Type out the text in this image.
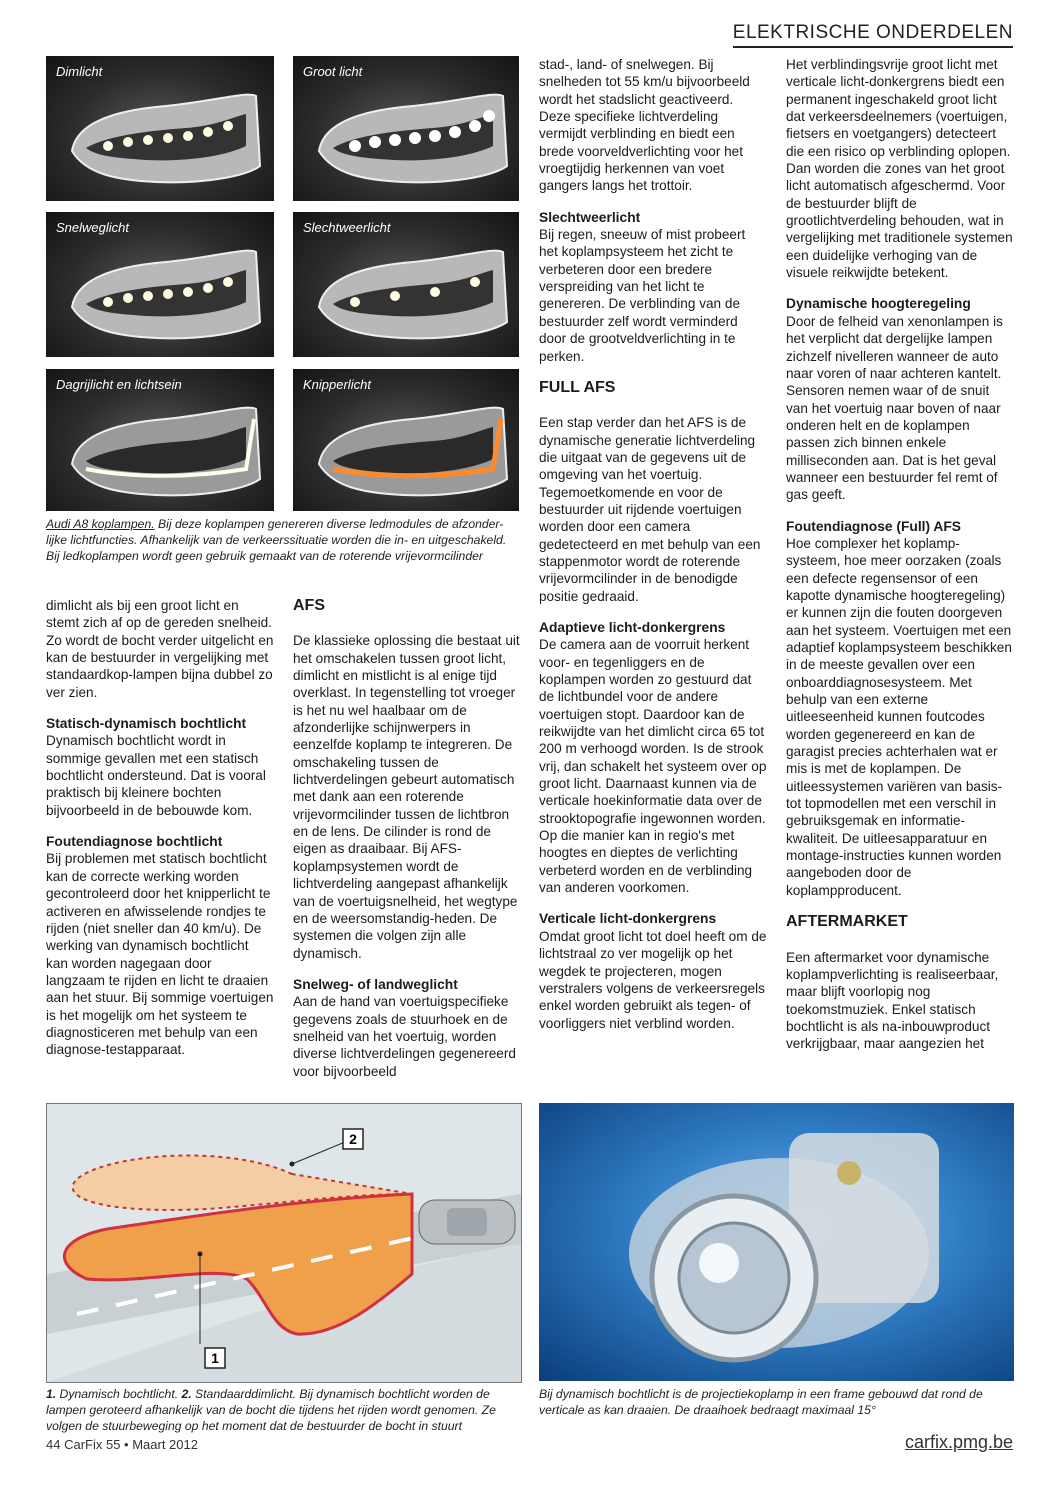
ELEKTRISCHE ONDERDELEN
Dimlicht	Groot licht
Snelweglicht	Slechtweerlicht
Dagrijlicht en lichtsein	Knipperlicht
Audi A8 koplampen. Bij deze koplampen genereren diverse ledmodules de afzonder-lijke lichtfuncties. Afhankelijk van de verkeerssituatie worden die in- en uitgeschakeld. Bij ledkoplampen wordt geen gebruik gemaakt van de roterende vrijevormcilinder

dimlicht als bij een groot licht en stemt zich af op de gereden snelheid. Zo wordt de bocht verder uitgelicht en kan de bestuurder in vergelijking met standaardkop-lampen bijna dubbel zo ver zien.

Statisch-dynamisch bochtlicht

Dynamisch bochtlicht wordt in sommige gevallen met een statisch bochtlicht ondersteund. Dat is vooral praktisch bij kleinere bochten bijvoorbeeld in de bebouwde kom.

Foutendiagnose bochtlicht

Bij problemen met statisch bochtlicht kan de correcte werking worden gecontroleerd door het knipperlicht te activeren en afwisselende rondjes te rijden (niet sneller dan 40 km/u). De werking van dynamisch bochtlicht kan worden nagegaan door langzaam te rijden en licht te draaien aan het stuur. Bij sommige voertuigen is het mogelijk om het systeem te diagnosticeren met behulp van een diagnose-testapparaat.

AFS

De klassieke oplossing die bestaat uit het omschakelen tussen groot licht, dimlicht en mistlicht is al enige tijd overklast. In tegenstelling tot vroeger is het nu wel haalbaar om de afzonderlijke schijnwerpers in eenzelfde koplamp te integreren. De omschakeling tussen de lichtverdelingen gebeurt automatisch met dank aan een roterende vrijevormcilinder tussen de lichtbron en de lens. De cilinder is rond de eigen as draaibaar. Bij AFS-koplampsystemen wordt de lichtverdeling aangepast afhankelijk van de voertuigsnelheid, het wegtype en de weersomstandig-heden. De systemen die volgen zijn alle dynamisch.

Snelweg- of landweglicht

Aan de hand van voertuigspecifieke gegevens zoals de stuurhoek en de snelheid van het voertuig, worden diverse lichtverdelingen gegenereerd voor bijvoorbeeld

stad-, land- of snelwegen. Bij snelheden tot 55 km/u bijvoorbeeld wordt het stadslicht geactiveerd. Deze specifieke lichtverdeling vermijdt verblinding en biedt een brede voorveldverlichting voor het vroegtijdig herkennen van voet gangers langs het trottoir.

Slechtweerlicht

Bij regen, sneeuw of mist probeert het koplampsysteem het zicht te verbeteren door een bredere verspreiding van het licht te genereren. De verblinding van de bestuurder zelf wordt verminderd door de grootveldverlichting in te perken.

FULL AFS

Een stap verder dan het AFS is de dynamische generatie lichtverdeling die uitgaat van de gegevens uit de omgeving van het voertuig. Tegemoetkomende en voor de bestuurder uit rijdende voertuigen worden door een camera gedetecteerd en met behulp van een stappenmotor wordt de roterende vrijevormcilinder in de benodigde positie gedraaid.

Adaptieve licht-donkergrens

De camera aan de voorruit herkent voor- en tegenliggers en de koplampen worden zo gestuurd dat de lichtbundel voor de andere voertuigen stopt. Daardoor kan de reikwijdte van het dimlicht circa 65 tot 200 m verhoogd worden. Is de strook vrij, dan schakelt het systeem over op groot licht. Daarnaast kunnen via de verticale hoekinformatie data over de strooktopografie ingewonnen worden. Op die manier kan in regio's met hoogtes en dieptes de verlichting verbeterd worden en de verblinding van anderen voorkomen.

Verticale licht-donkergrens

Omdat groot licht tot doel heeft om de lichtstraal zo ver mogelijk op het wegdek te projecteren, mogen verstralers volgens de verkeersregels enkel worden gebruikt als tegen- of voorliggers niet verblind worden.

Het verblindingsvrije groot licht met verticale licht-donkergrens biedt een permanent ingeschakeld groot licht dat verkeersdeelnemers (voertuigen, fietsers en voetgangers) detecteert die een risico op verblinding oplopen. Dan worden die zones van het groot licht automatisch afgeschermd. Voor de bestuurder blijft de grootlichtverdeling behouden, wat in vergelijking met traditionele systemen een duidelijke verhoging van de visuele reikwijdte betekent.

Dynamische hoogteregeling

Door de felheid van xenonlampen is het verplicht dat dergelijke lampen zichzelf nivelleren wanneer de auto naar voren of naar achteren kantelt. Sensoren nemen waar of de snuit van het voertuig naar boven of naar onderen helt en de koplampen passen zich binnen enkele milliseconden aan. Dat is het geval wanneer een bestuurder fel remt of gas geeft.

Foutendiagnose (Full) AFS

Hoe complexer het koplamp-systeem, hoe meer oorzaken (zoals een defecte regensensor of een kapotte dynamische hoogteregeling) er kunnen zijn die fouten doorgeven aan het systeem. Voertuigen met een adaptief koplampsysteem beschikken in de meeste gevallen over een onboarddiagnosesysteem. Met behulp van een externe uitleeseenheid kunnen foutcodes worden gegenereerd en kan de garagist precies achterhalen wat er mis is met de koplampen. De uitleessystemen variëren van basis-tot topmodellen met een verschil in gebruiksgemak en informatie-kwaliteit. De uitleesapparatuur en montage-instructies kunnen worden aangeboden door de koplampproducent.

AFTERMARKET

Een aftermarket voor dynamische koplampverlichting is realiseerbaar, maar blijft voorlopig nog toekomstmuziek. Enkel statisch bochtlicht is als na-inbouwproduct verkrijgbaar, maar aangezien het

2
1
1. Dynamisch bochtlicht. 2. Standaarddimlicht. Bij dynamisch bochtlicht worden de lampen geroteerd afhankelijk van de bocht die tijdens het rijden wordt genomen. Ze volgen de stuurbeweging op het moment dat de bestuurder de bocht in stuurt
Bij dynamisch bochtlicht is de projectiekoplamp in een frame gebouwd dat rond de verticale as kan draaien. De draaihoek bedraagt maximaal 15°
44 CarFix 55 • Maart 2012	carfix.pmg.be
